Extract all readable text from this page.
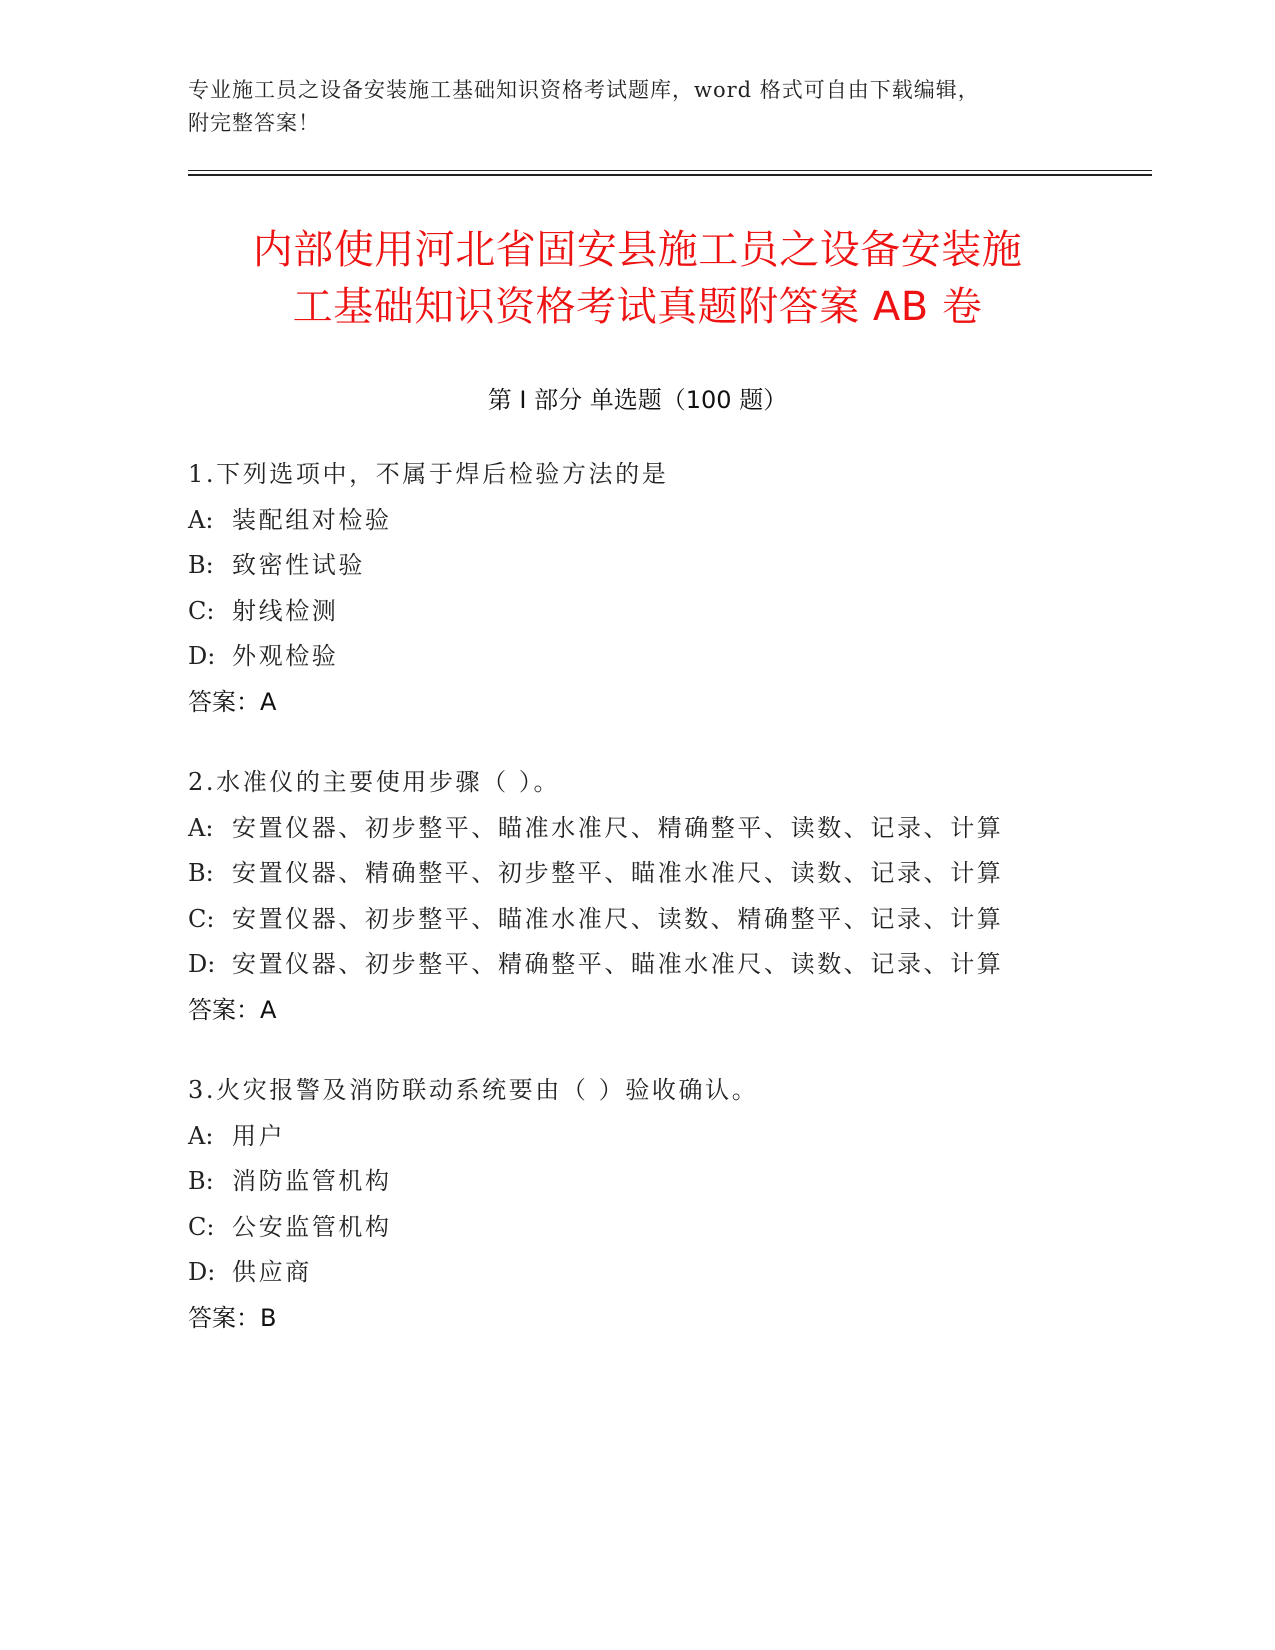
专业施工员之设备安装施工基础知识资格考试题库，word 格式可自由下载编辑，
附完整答案！
内部使用河北省固安县施工员之设备安装施
工基础知识资格考试真题附答案 AB 卷
第 I 部分 单选题（100 题）
1.下列选项中，不属于焊后检验方法的是
A: 装配组对检验
B: 致密性试验
C: 射线检测
D: 外观检验
答案：A
2.水准仪的主要使用步骤（ ）。
A: 安置仪器、初步整平、瞄准水准尺、精确整平、读数、记录、计算
B: 安置仪器、精确整平、初步整平、瞄准水准尺、读数、记录、计算
C: 安置仪器、初步整平、瞄准水准尺、读数、精确整平、记录、计算
D: 安置仪器、初步整平、精确整平、瞄准水准尺、读数、记录、计算
答案：A
3.火灾报警及消防联动系统要由（ ）验收确认。
A: 用户
B: 消防监管机构
C: 公安监管机构
D: 供应商
答案：B
